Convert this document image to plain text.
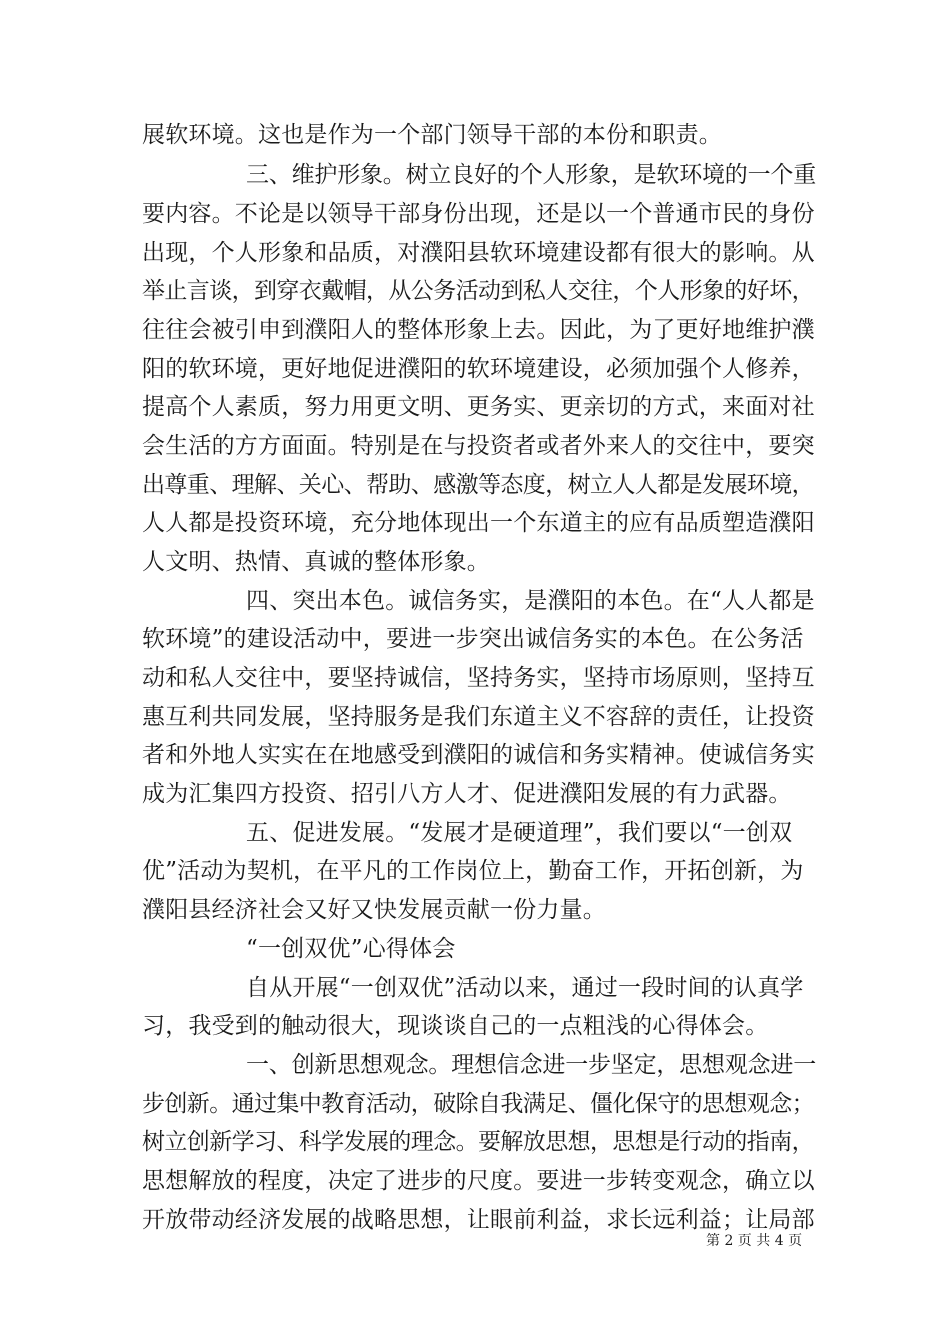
展软环境。这也是作为一个部门领导干部的本份和职责。
三、维护形象。树立良好的个人形象，是软环境的一个重
要内容。不论是以领导干部身份出现，还是以一个普通市民的身份
出现，个人形象和品质，对濮阳县软环境建设都有很大的影响。从
举止言谈，到穿衣戴帽，从公务活动到私人交往，个人形象的好坏，
往往会被引申到濮阳人的整体形象上去。因此，为了更好地维护濮
阳的软环境，更好地促进濮阳的软环境建设，必须加强个人修养，
提高个人素质，努力用更文明、更务实、更亲切的方式，来面对社
会生活的方方面面。特别是在与投资者或者外来人的交往中，要突
出尊重、理解、关心、帮助、感激等态度，树立人人都是发展环境，
人人都是投资环境，充分地体现出一个东道主的应有品质塑造濮阳
人文明、热情、真诚的整体形象。
四、突出本色。诚信务实，是濮阳的本色。在“人人都是
软环境”的建设活动中，要进一步突出诚信务实的本色。在公务活
动和私人交往中，要坚持诚信，坚持务实，坚持市场原则，坚持互
惠互利共同发展，坚持服务是我们东道主义不容辞的责任，让投资
者和外地人实实在在地感受到濮阳的诚信和务实精神。使诚信务实
成为汇集四方投资、招引八方人才、促进濮阳发展的有力武器。
五、促进发展。“发展才是硬道理”，我们要以“一创双
优”活动为契机，在平凡的工作岗位上，勤奋工作，开拓创新，为
濮阳县经济社会又好又快发展贡献一份力量。
“一创双优”心得体会
自从开展“一创双优”活动以来，通过一段时间的认真学
习，我受到的触动很大，现谈谈自己的一点粗浅的心得体会。
一、创新思想观念。理想信念进一步坚定，思想观念进一
步创新。通过集中教育活动，破除自我满足、僵化保守的思想观念；
树立创新学习、科学发展的理念。要解放思想，思想是行动的指南，
思想解放的程度，决定了进步的尺度。要进一步转变观念，确立以
开放带动经济发展的战略思想，让眼前利益，求长远利益；让局部
第 2 页 共 4 页
